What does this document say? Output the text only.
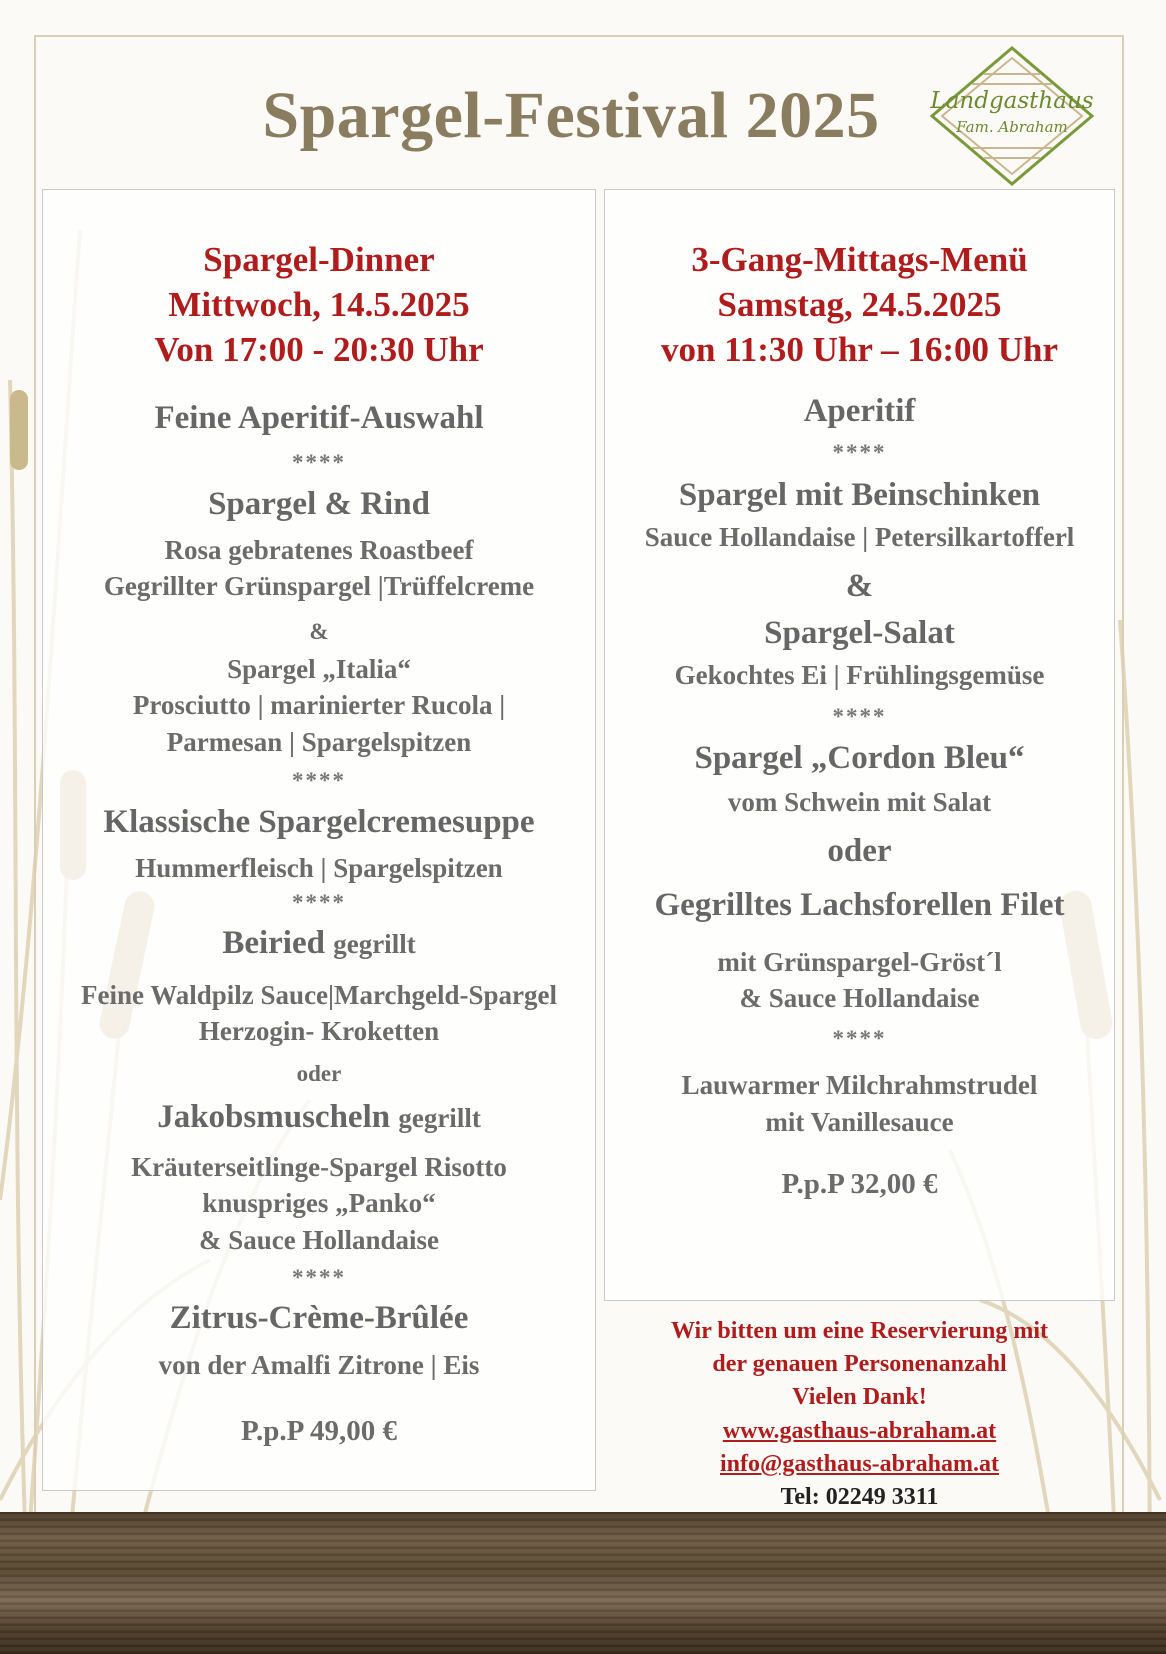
Spargel-Festival 2025	Landgasthaus
Fam. Abraham
Spargel-Dinner
Mittwoch, 14.5.2025
Von 17:00 - 20:30 Uhr
Feine Aperitif-Auswahl
****
Spargel & Rind
Rosa gebratenes Roastbeef
Gegrillter Grünspargel |Trüffelcreme
&
Spargel „Italia“
Prosciutto | marinierter Rucola |
Parmesan | Spargelspitzen
****
Klassische Spargelcremesuppe
Hummerfleisch | Spargelspitzen
****
Beiried gegrillt
Feine Waldpilz Sauce|Marchgeld-Spargel
Herzogin- Kroketten
oder
Jakobsmuscheln gegrillt
Kräuterseitlinge-Spargel Risotto
knuspriges „Panko“
& Sauce Hollandaise
****
Zitrus-Crème-Brûlée
von der Amalfi Zitrone | Eis
P.p.P 49,00 €
3-Gang-Mittags-Menü
Samstag, 24.5.2025
von 11:30 Uhr – 16:00 Uhr
Aperitif
****
Spargel mit Beinschinken
Sauce Hollandaise | Petersilkartofferl
&
Spargel-Salat
Gekochtes Ei | Frühlingsgemüse
****
Spargel „Cordon Bleu“
vom Schwein mit Salat
oder
Gegrilltes Lachsforellen Filet
mit Grünspargel-Gröst´l
& Sauce Hollandaise
****
Lauwarmer Milchrahmstrudel
mit Vanillesauce
P.p.P 32,00 €
Wir bitten um eine Reservierung mit
der genauen Personenanzahl
Vielen Dank!
www.gasthaus-abraham.at
info@gasthaus-abraham.at
Tel: 02249 3311
